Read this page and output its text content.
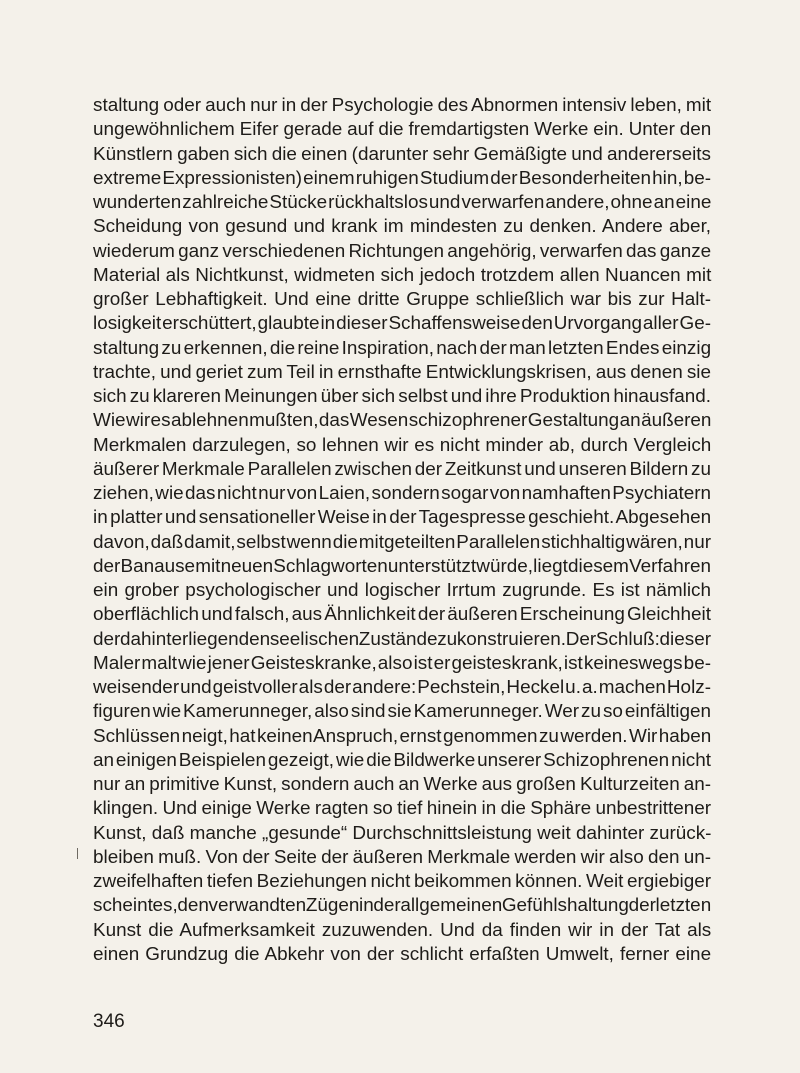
staltung oder auch nur in der Psychologie des Abnormen intensiv leben, mit
ungewöhnlichem Eifer gerade auf die fremdartigsten Werke ein. Unter den
Künstlern gaben sich die einen (darunter sehr Gemäßigte und andererseits
extreme Expressionisten) einem ruhigen Studium der Besonderheiten hin, be-
wunderten zahlreiche Stücke rückhaltslos und verwarfen andere, ohne an eine
Scheidung von gesund und krank im mindesten zu denken. Andere aber,
wiederum ganz verschiedenen Richtungen angehörig, verwarfen das ganze
Material als Nichtkunst, widmeten sich jedoch trotzdem allen Nuancen mit
großer Lebhaftigkeit. Und eine dritte Gruppe schließlich war bis zur Halt-
losigkeit erschüttert, glaubte in dieser Schaffensweise den Urvorgang aller Ge-
staltung zu erkennen, die reine Inspiration, nach der man letzten Endes einzig
trachte, und geriet zum Teil in ernsthafte Entwicklungskrisen, aus denen sie
sich zu klareren Meinungen über sich selbst und ihre Produktion hinausfand.
Wie wir es ablehnen mußten, das Wesen schizophrener Gestaltung an äußeren
Merkmalen darzulegen, so lehnen wir es nicht minder ab, durch Vergleich
äußerer Merkmale Parallelen zwischen der Zeitkunst und unseren Bildern zu
ziehen, wie das nicht nur von Laien, sondern sogar von namhaften Psychiatern
in platter und sensationeller Weise in der Tagespresse geschieht. Abgesehen
davon, daß damit, selbst wenn die mitgeteilten Parallelen stichhaltig wären, nur
der Banause mit neuen Schlagworten unterstützt würde, liegt diesem Verfahren
ein grober psychologischer und logischer Irrtum zugrunde. Es ist nämlich
oberflächlich und falsch, aus Ähnlichkeit der äußeren Erscheinung Gleichheit
der dahinterliegenden seelischen Zustände zu konstruieren. Der Schluß: dieser
Maler malt wie jener Geisteskranke, also ist er geisteskrank, ist keineswegs be-
weisender und geistvoller als der andere: Pechstein, Heckel u. a. machen Holz-
figuren wie Kamerunneger, also sind sie Kamerunneger. Wer zu so einfältigen
Schlüssen neigt, hat keinen Anspruch, ernst genommen zu werden. Wir haben
an einigen Beispielen gezeigt, wie die Bildwerke unserer Schizophrenen nicht
nur an primitive Kunst, sondern auch an Werke aus großen Kulturzeiten an-
klingen. Und einige Werke ragten so tief hinein in die Sphäre unbestrittener
Kunst, daß manche „gesunde“ Durchschnittsleistung weit dahinter zurück-
bleiben muß. Von der Seite der äußeren Merkmale werden wir also den un-
zweifelhaften tiefen Beziehungen nicht beikommen können. Weit ergiebiger
scheint es, den verwandten Zügen in der allgemeinen Gefühlshaltung der letzten
Kunst die Aufmerksamkeit zuzuwenden. Und da finden wir in der Tat als
einen Grundzug die Abkehr von der schlicht erfaßten Umwelt, ferner eine
346
